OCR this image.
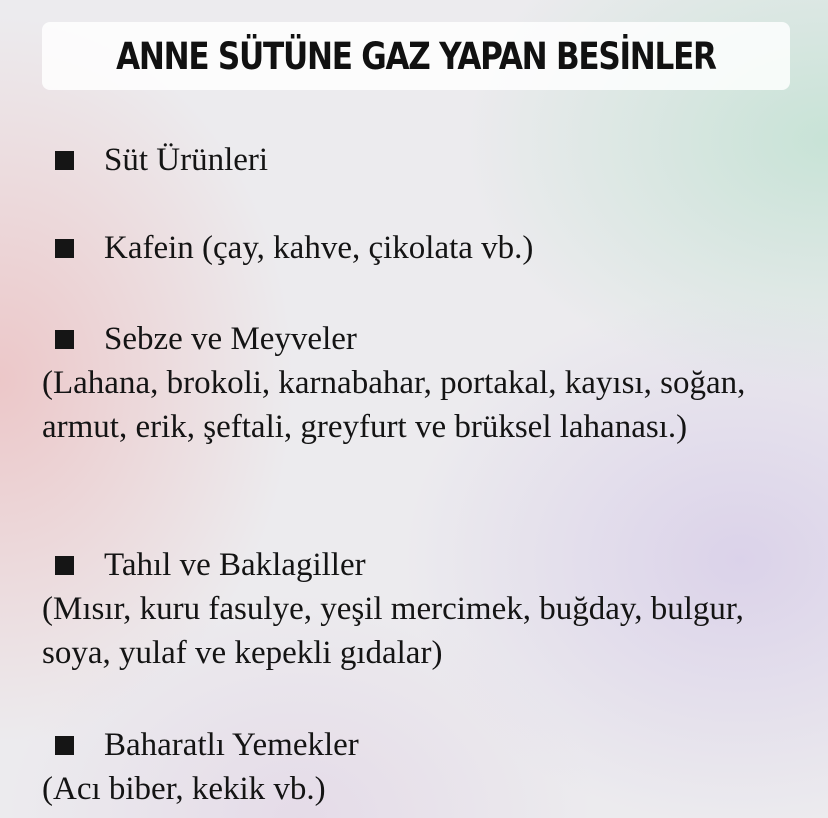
ANNE SÜTÜNE GAZ YAPAN BESİNLER
Süt Ürünleri
Kafein (çay, kahve, çikolata vb.)
Sebze ve Meyveler

(Lahana, brokoli, karnabahar, portakal, kayısı, soğan, armut, erik, şeftali, greyfurt ve brüksel lahanası.)

Tahıl ve Baklagiller

(Mısır, kuru fasulye, yeşil mercimek, buğday, bulgur, soya, yulaf ve kepekli gıdalar)

Baharatlı Yemekler

(Acı biber, kekik vb.)
